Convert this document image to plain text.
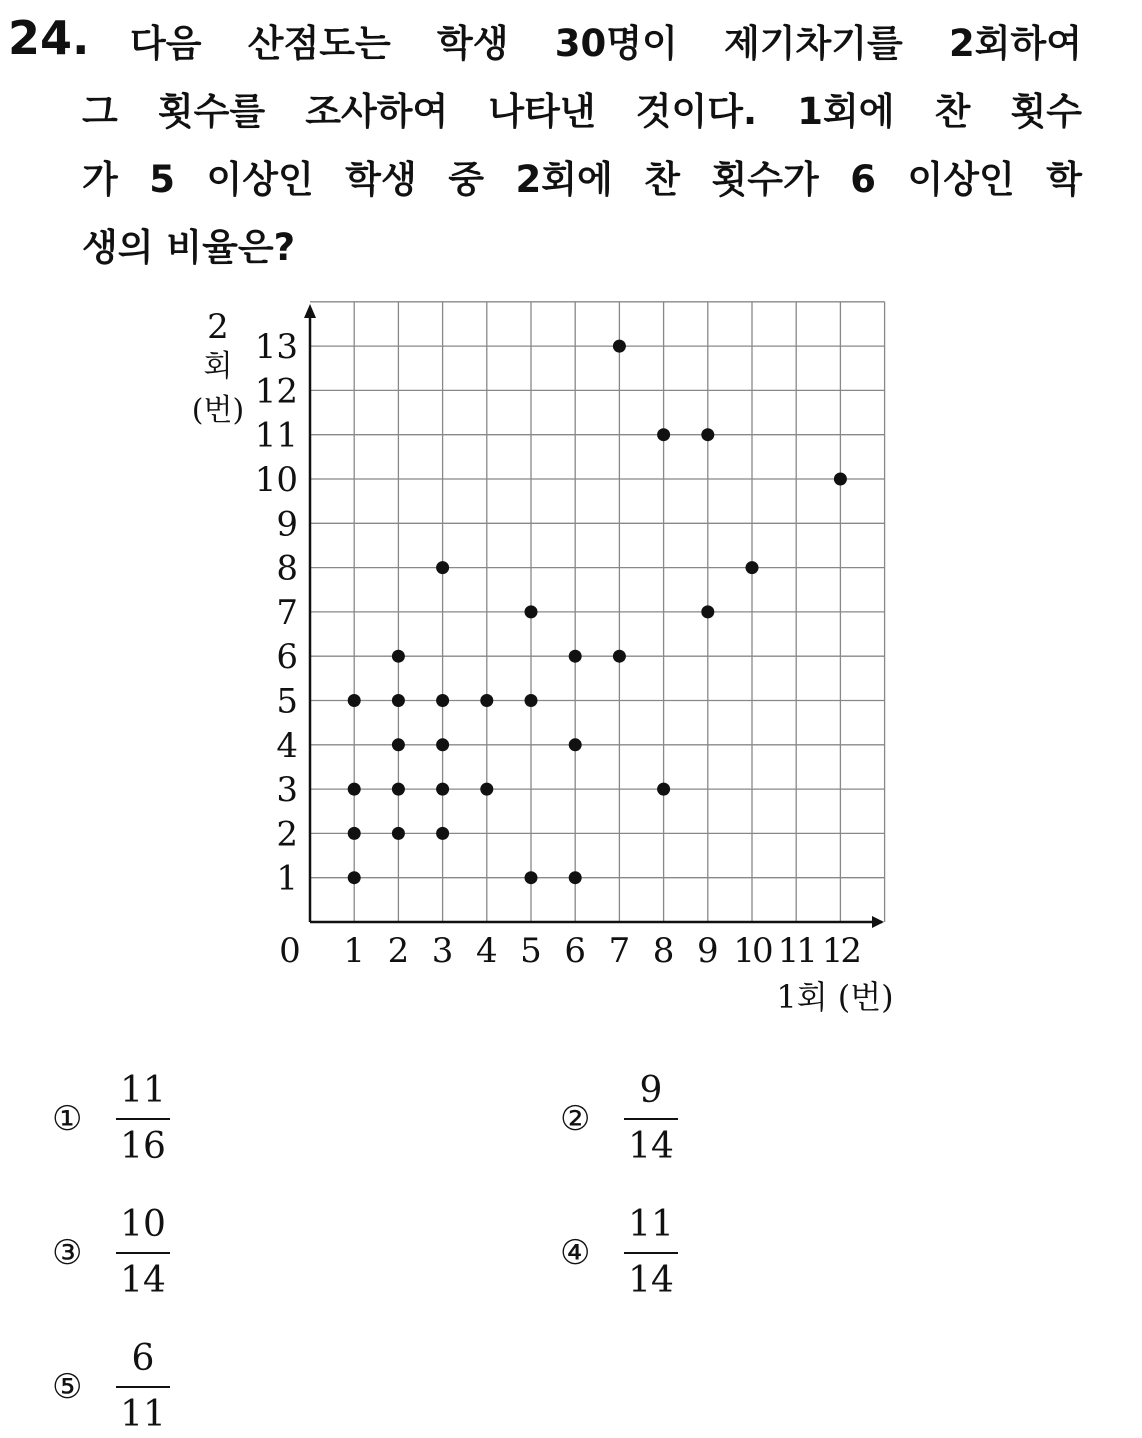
24.	다음 산점도는 학생 30명이 제기차기를 2회하여
그 횟수를 조사하여 나타낸 것이다. 1회에 찬 횟수
가 5 이상인 학생 중 2회에 찬 횟수가 6 이상인 학
생의 비율은?
1 2 3 4 5 6 7 8 9 10 11 12
1
2
3
4
5
6
7
8
9
10
11
12
13
0
1회 (번)
2
회
(번)
① $\frac{11}{16}$	② $\frac{9}{14}$
③ $\frac{10}{14}$	④ $\frac{11}{14}$
⑤ $\frac{6}{11}$
